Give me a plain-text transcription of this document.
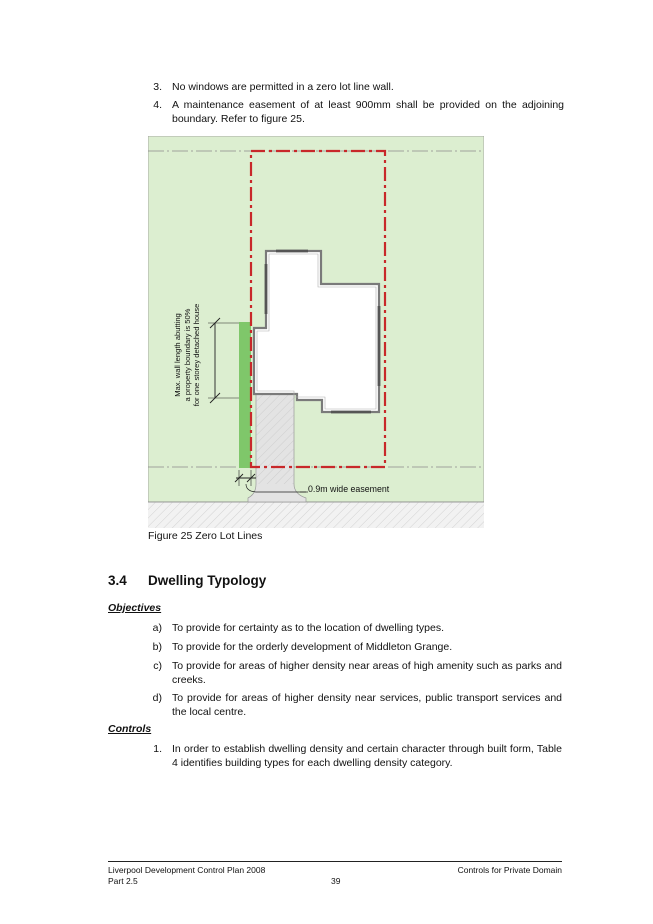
3. No windows are permitted in a zero lot line wall.
4. A maintenance easement of at least 900mm shall be provided on the adjoining boundary. Refer to figure 25.
Max. wall length abutting a property boundary is 50% for one storey detached house
0.9m wide easement
Figure 25 Zero Lot Lines
3.4 Dwelling Typology
Objectives
a) To provide for certainty as to the location of dwelling types.
b) To provide for the orderly development of Middleton Grange.
c) To provide for areas of higher density near areas of high amenity such as parks and creeks.
d) To provide for areas of higher density near services, public transport services and the local centre.
Controls
1. In order to establish dwelling density and certain character through built form, Table 4 identifies building types for each dwelling density category.
Liverpool Development Control Plan 2008
Part 2.5	39
Controls for Private Domain
